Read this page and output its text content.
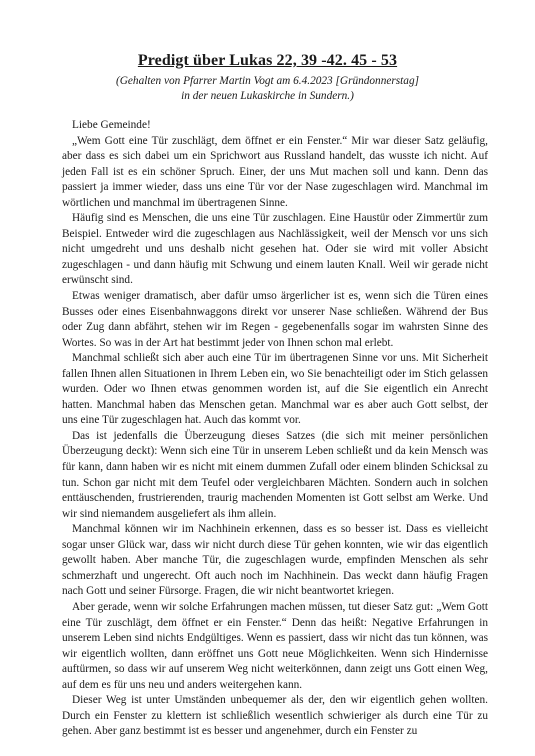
Predigt über Lukas 22, 39 -42. 45 - 53
(Gehalten von Pfarrer Martin Vogt am 6.4.2023 [Gründonnerstag]
in der neuen Lukaskirche in Sundern.)

Liebe Gemeinde!

„Wem Gott eine Tür zuschlägt, dem öffnet er ein Fenster.“ Mir war dieser Satz geläufig, aber dass es sich dabei um ein Sprichwort aus Russland handelt, das wusste ich nicht. Auf jeden Fall ist es ein schöner Spruch. Einer, der uns Mut machen soll und kann. Denn das passiert ja immer wieder, dass uns eine Tür vor der Nase zugeschlagen wird. Manchmal im wörtlichen und manchmal im übertragenen Sinne.

Häufig sind es Menschen, die uns eine Tür zuschlagen. Eine Haustür oder Zimmertür zum Beispiel. Entweder wird die zugeschlagen aus Nachlässigkeit, weil der Mensch vor uns sich nicht umgedreht und uns deshalb nicht gesehen hat. Oder sie wird mit voller Absicht zugeschlagen - und dann häufig mit Schwung und einem lauten Knall. Weil wir gerade nicht erwünscht sind.

Etwas weniger dramatisch, aber dafür umso ärgerlicher ist es, wenn sich die Türen eines Busses oder eines Eisenbahnwaggons direkt vor unserer Nase schließen. Während der Bus oder Zug dann abfährt, stehen wir im Regen - gegebenenfalls sogar im wahrsten Sinne des Wortes. So was in der Art hat bestimmt jeder von Ihnen schon mal erlebt.

Manchmal schließt sich aber auch eine Tür im übertragenen Sinne vor uns. Mit Sicherheit fallen Ihnen allen Situationen in Ihrem Leben ein, wo Sie benachteiligt oder im Stich gelassen wurden. Oder wo Ihnen etwas genommen worden ist, auf die Sie eigentlich ein Anrecht hatten. Manchmal haben das Menschen getan. Manchmal war es aber auch Gott selbst, der uns eine Tür zugeschlagen hat. Auch das kommt vor.

Das ist jedenfalls die Überzeugung dieses Satzes (die sich mit meiner persönlichen Überzeugung deckt): Wenn sich eine Tür in unserem Leben schließt und da kein Mensch was für kann, dann haben wir es nicht mit einem dummen Zufall oder einem blinden Schicksal zu tun. Schon gar nicht mit dem Teufel oder vergleichbaren Mächten. Sondern auch in solchen enttäuschenden, frustrierenden, traurig machenden Momenten ist Gott selbst am Werke. Und wir sind niemandem ausgeliefert als ihm allein.

Manchmal können wir im Nachhinein erkennen, dass es so besser ist. Dass es vielleicht sogar unser Glück war, dass wir nicht durch diese Tür gehen konnten, wie wir das eigentlich gewollt haben. Aber manche Tür, die zugeschlagen wurde, empfinden Menschen als sehr schmerzhaft und ungerecht. Oft auch noch im Nachhinein. Das weckt dann häufig Fragen nach Gott und seiner Fürsorge. Fragen, die wir nicht beantwortet kriegen.

Aber gerade, wenn wir solche Erfahrungen machen müssen, tut dieser Satz gut: „Wem Gott eine Tür zuschlägt, dem öffnet er ein Fenster.“ Denn das heißt: Negative Erfahrungen in unserem Leben sind nichts Endgültiges. Wenn es passiert, dass wir nicht das tun können, was wir eigentlich wollten, dann eröffnet uns Gott neue Möglichkeiten. Wenn sich Hindernisse auftürmen, so dass wir auf unserem Weg nicht weiterkönnen, dann zeigt uns Gott einen Weg, auf dem es für uns neu und anders weitergehen kann.

Dieser Weg ist unter Umständen unbequemer als der, den wir eigentlich gehen wollten. Durch ein Fenster zu klettern ist schließlich wesentlich schwieriger als durch eine Tür zu gehen. Aber ganz bestimmt ist es besser und angenehmer, durch ein Fenster zu
